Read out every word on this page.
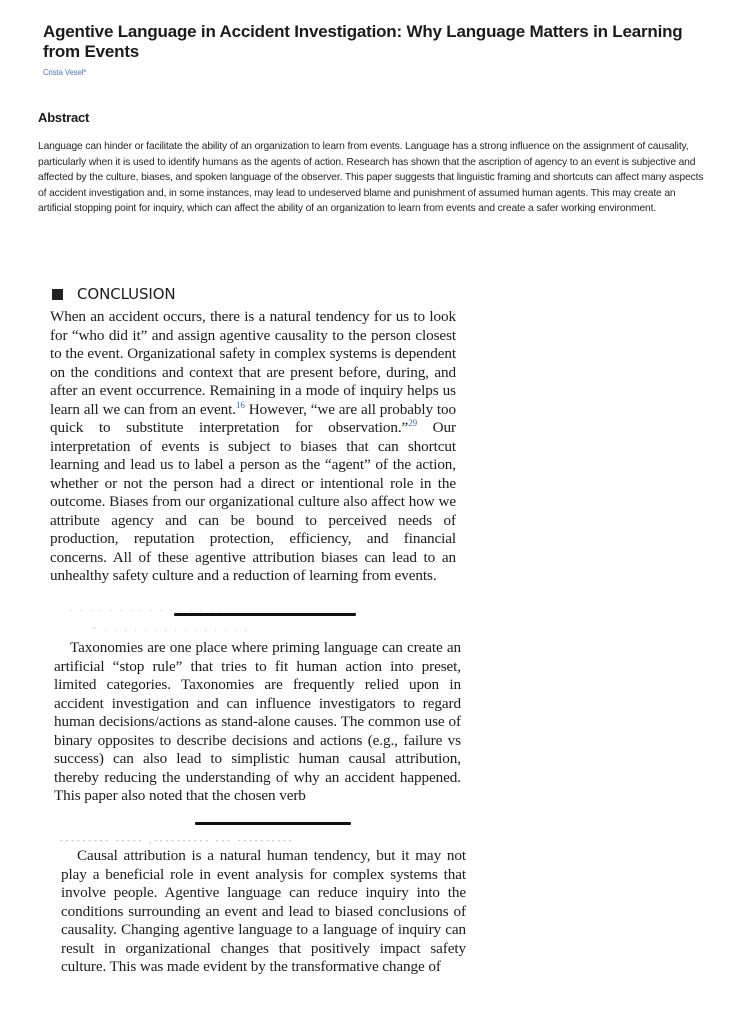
Agentive Language in Accident Investigation: Why Language Matters in Learning from Events
Crista Vesel*
Abstract
Language can hinder or facilitate the ability of an organization to learn from events. Language has a strong influence on the assignment of causality, particularly when it is used to identify humans as the agents of action. Research has shown that the ascription of agency to an event is subjective and affected by the culture, biases, and spoken language of the observer. This paper suggests that linguistic framing and shortcuts can affect many aspects of accident investigation and, in some instances, may lead to undeserved blame and punishment of assumed human agents. This may create an artificial stopping point for inquiry, which can affect the ability of an organization to learn from events and create a safer working environment.
CONCLUSION

When an accident occurs, there is a natural tendency for us to look for “who did it” and assign agentive causality to the person closest to the event. Organizational safety in complex systems is dependent on the conditions and context that are present before, during, and after an event occurrence. Remaining in a mode of inquiry helps us learn all we can from an event.$^{16}$ However, “we are all probably too quick to substitute interpretation for observation.”$^{29}$ Our interpretation of events is subject to biases that can shortcut learning and lead us to label a person as the “agent” of the action, whether or not the person had a direct or intentional role in the outcome. Biases from our organizational culture also affect how we attribute agency and can be bound to perceived needs of production, reputation protection, efficiency, and financial concerns. All of these agentive attribution biases can lead to an unhealthy safety culture and a reduction of learning from events.

. . . . . . . . . . . . . . . .
~ . . . . . . . . . . . . . . .

Taxonomies are one place where priming language can create an artificial “stop rule” that tries to fit human action into preset, limited categories. Taxonomies are frequently relied upon in accident investigation and can influence investigators to regard human decisions/actions as stand-alone causes. The common use of binary opposites to describe decisions and actions (e.g., failure vs success) can also lead to simplistic human causal attribution, thereby reducing the understanding of why an accident happened. This paper also noted that the chosen verb

--------- ----- ,---------- --- ----------

Causal attribution is a natural human tendency, but it may not play a beneficial role in event analysis for complex systems that involve people. Agentive language can reduce inquiry into the conditions surrounding an event and lead to biased conclusions of causality. Changing agentive language to a language of inquiry can result in organizational changes that positively impact safety culture. This was made evident by the transformative change of
